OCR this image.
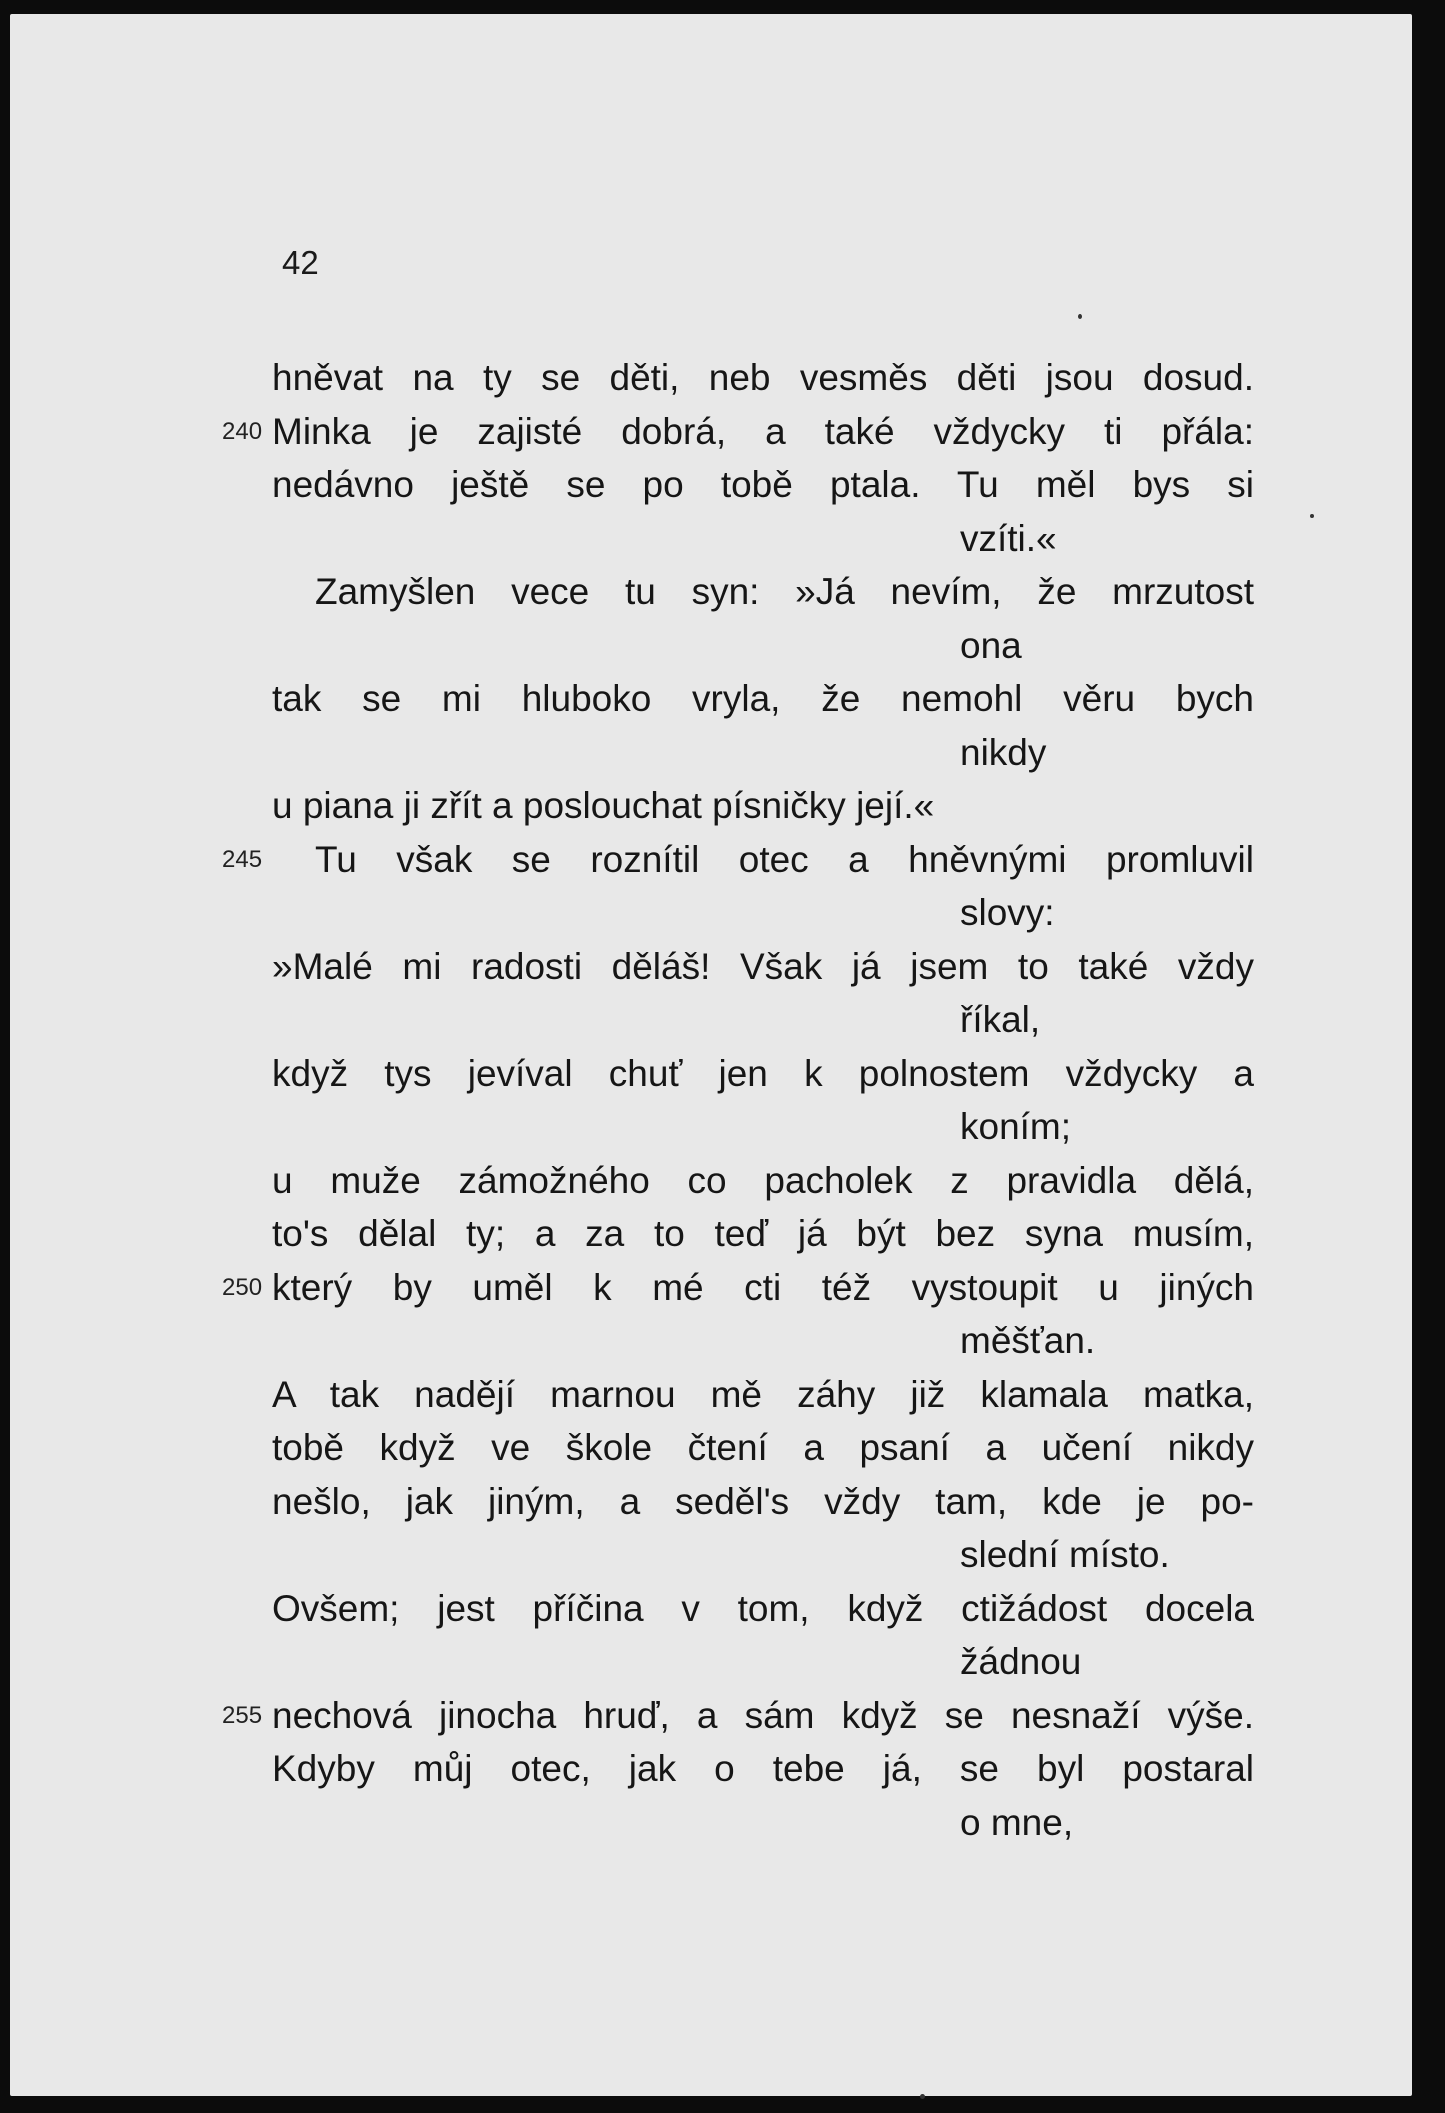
42
hněvat na ty se děti, neb vesměs děti jsou dosud.
240 Minka je zajisté dobrá, a také vždycky ti přála:
nedávno ještě se po tobě ptala. Tu měl bys si
vzíti.«
Zamyšlen vece tu syn: »Já nevím, že mrzutost
ona
tak se mi hluboko vryla, že nemohl věru bych
nikdy
u piana ji zřít a poslouchat písničky její.«
245 Tu však se roznítil otec a hněvnými promluvil
slovy:
»Malé mi radosti děláš! Však já jsem to také vždy
říkal,
když tys jevíval chuť jen k polnostem vždycky a
koním;
u muže zámožného co pacholek z pravidla dělá,
to's dělal ty; a za to teď já být bez syna musím,
250 který by uměl k mé cti též vystoupit u jiných
měšťan.
A tak nadějí marnou mě záhy již klamala matka,
tobě když ve škole čtení a psaní a učení nikdy
nešlo, jak jiným, a seděl's vždy tam, kde je po-
slední místo.
Ovšem; jest příčina v tom, když ctižádost docela
žádnou
255 nechová jinocha hruď, a sám když se nesnaží výše.
Kdyby můj otec, jak o tebe já, se byl postaral
o mne,
